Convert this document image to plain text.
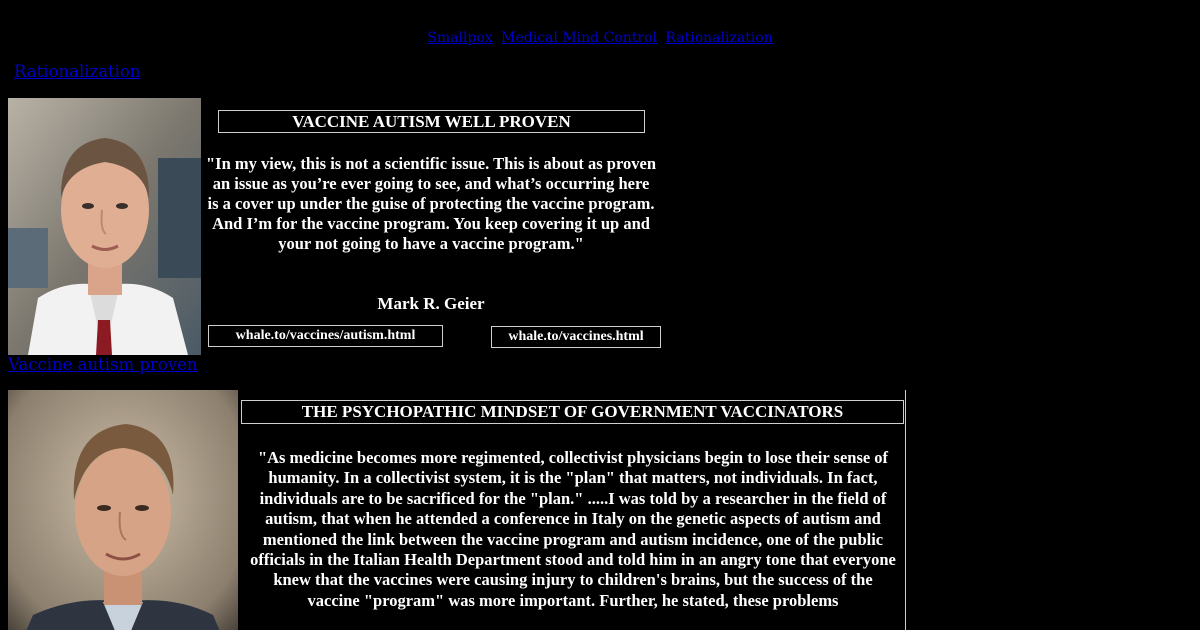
Smallpox Medical Mind Control Rationalization
Rationalization
VACCINE AUTISM WELL PROVEN
"In my view, this is not a scientific issue. This is about as proven an issue as you’re ever going to see, and what’s occurring here is a cover up under the guise of protecting the vaccine program. And I’m for the vaccine program. You keep covering it up and your not going to have a vaccine program."
Mark R. Geier
whale.to/vaccines/autism.html	whale.to/vaccines.html
Vaccine autism proven
THE PSYCHOPATHIC MINDSET OF GOVERNMENT VACCINATORS
"As medicine becomes more regimented, collectivist physicians begin to lose their sense of humanity. In a collectivist system, it is the "plan" that matters, not individuals. In fact, individuals are to be sacrificed for the "plan." .....I was told by a researcher in the field of autism, that when he attended a conference in Italy on the genetic aspects of autism and mentioned the link between the vaccine program and autism incidence, one of the public officials in the Italian Health Department stood and told him in an angry tone that everyone knew that the vaccines were causing injury to children's brains, but the success of the vaccine "program" was more important. Further, he stated, these problems
